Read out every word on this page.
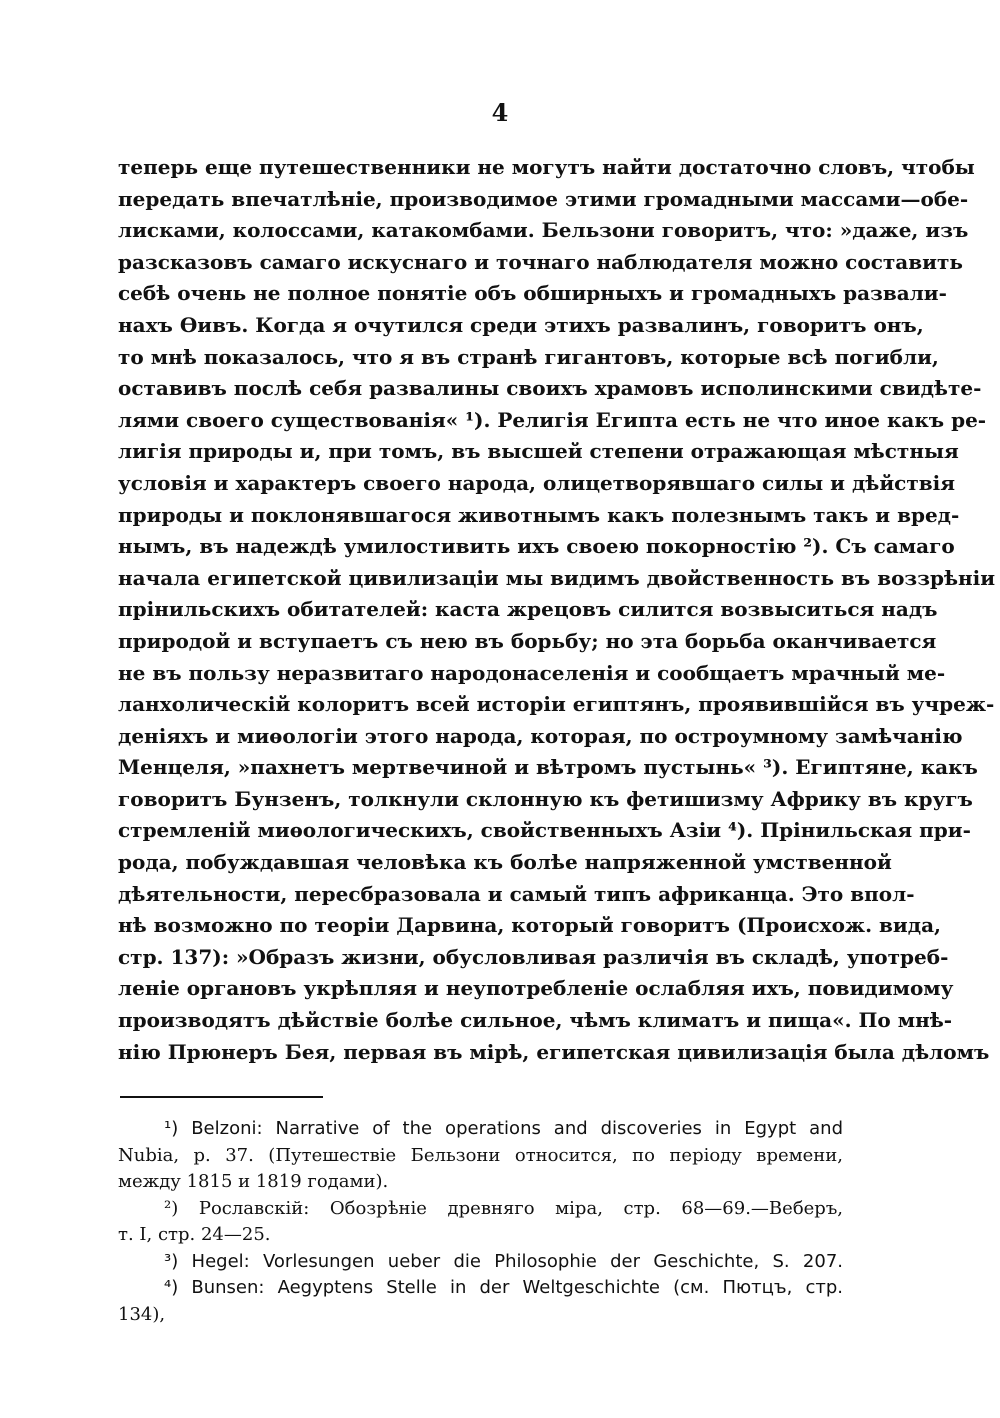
4
теперь еще путешественники не могутъ найти достаточно словъ, чтобы
передать впечатлѣніе, производимое этими громадными массами—обе-
лисками, колоссами, катакомбами. Бельзони говоритъ, что: »даже, изъ
разсказовъ самаго искуснаго и точнаго наблюдателя можно составить
себѣ очень не полное понятіе объ обширныхъ и громадныхъ развали-
нахъ Ѳивъ. Когда я очутился среди этихъ развалинъ, говоритъ онъ,
то мнѣ показалось, что я въ странѣ гигантовъ, которые всѣ погибли,
оставивъ послѣ себя развалины своихъ храмовъ исполинскими свидѣте-
лями своего существованія« ¹). Религія Египта есть не что иное какъ ре-
лигія природы и, при томъ, въ высшей степени отражающая мѣстныя
условія и характеръ своего народа, олицетворявшаго силы и дѣйствія
природы и поклонявшагося животнымъ какъ полезнымъ такъ и вред-
нымъ, въ надеждѣ умилостивить ихъ своею покорностію ²). Съ самаго
начала египетской цивилизаціи мы видимъ двойственность въ воззрѣніи
прінильскихъ обитателей: каста жрецовъ силится возвыситься надъ
природой и вступаетъ съ нею въ борьбу; но эта борьба оканчивается
не въ пользу неразвитаго народонаселенія и сообщаетъ мрачный ме-
ланхолическій колоритъ всей исторіи египтянъ, проявившійся въ учреж-
деніяхъ и миѳологіи этого народа, которая, по остроумному замѣчанію
Менцеля, »пахнетъ мертвечиной и вѣтромъ пустынь« ³). Египтяне, какъ
говоритъ Бунзенъ, толкнули склонную къ фетишизму Африку въ кругъ
стремленій миѳологическихъ, свойственныхъ Азіи ⁴). Прінильская при-
рода, побуждавшая человѣка къ болѣе напряженной умственной
дѣятельности, пересбразовала и самый типъ африканца. Это впол-
нѣ возможно по теоріи Дарвина, который говоритъ (Происхож. вида,
стр. 137): »Образъ жизни, обусловливая различія въ складѣ, употреб-
леніе органовъ укрѣпляя и неупотребленіе ослабляя ихъ, повидимому
производятъ дѣйствіе болѣе сильное, чѣмъ климатъ и пища«. По мнѣ-
нію Прюнеръ Бея, первая въ мірѣ, египетская цивилизація была дѣломъ
¹) Belzoni: Narrative of the operations and discoveries in Egypt and
Nubia, p. 37. (Путешествіе Бельзони относится, по періоду времени,
между 1815 и 1819 годами).
²) Рославскій: Обозрѣніе древняго міра, стр. 68—69.—Веберъ,
т. I, стр. 24—25.
³) Hegel: Vorlesungen ueber die Philosophie der Geschichte, S. 207.
⁴) Bunsen: Aegyptens Stelle in der Weltgeschichte (см. Пютцъ, стр.
134),
